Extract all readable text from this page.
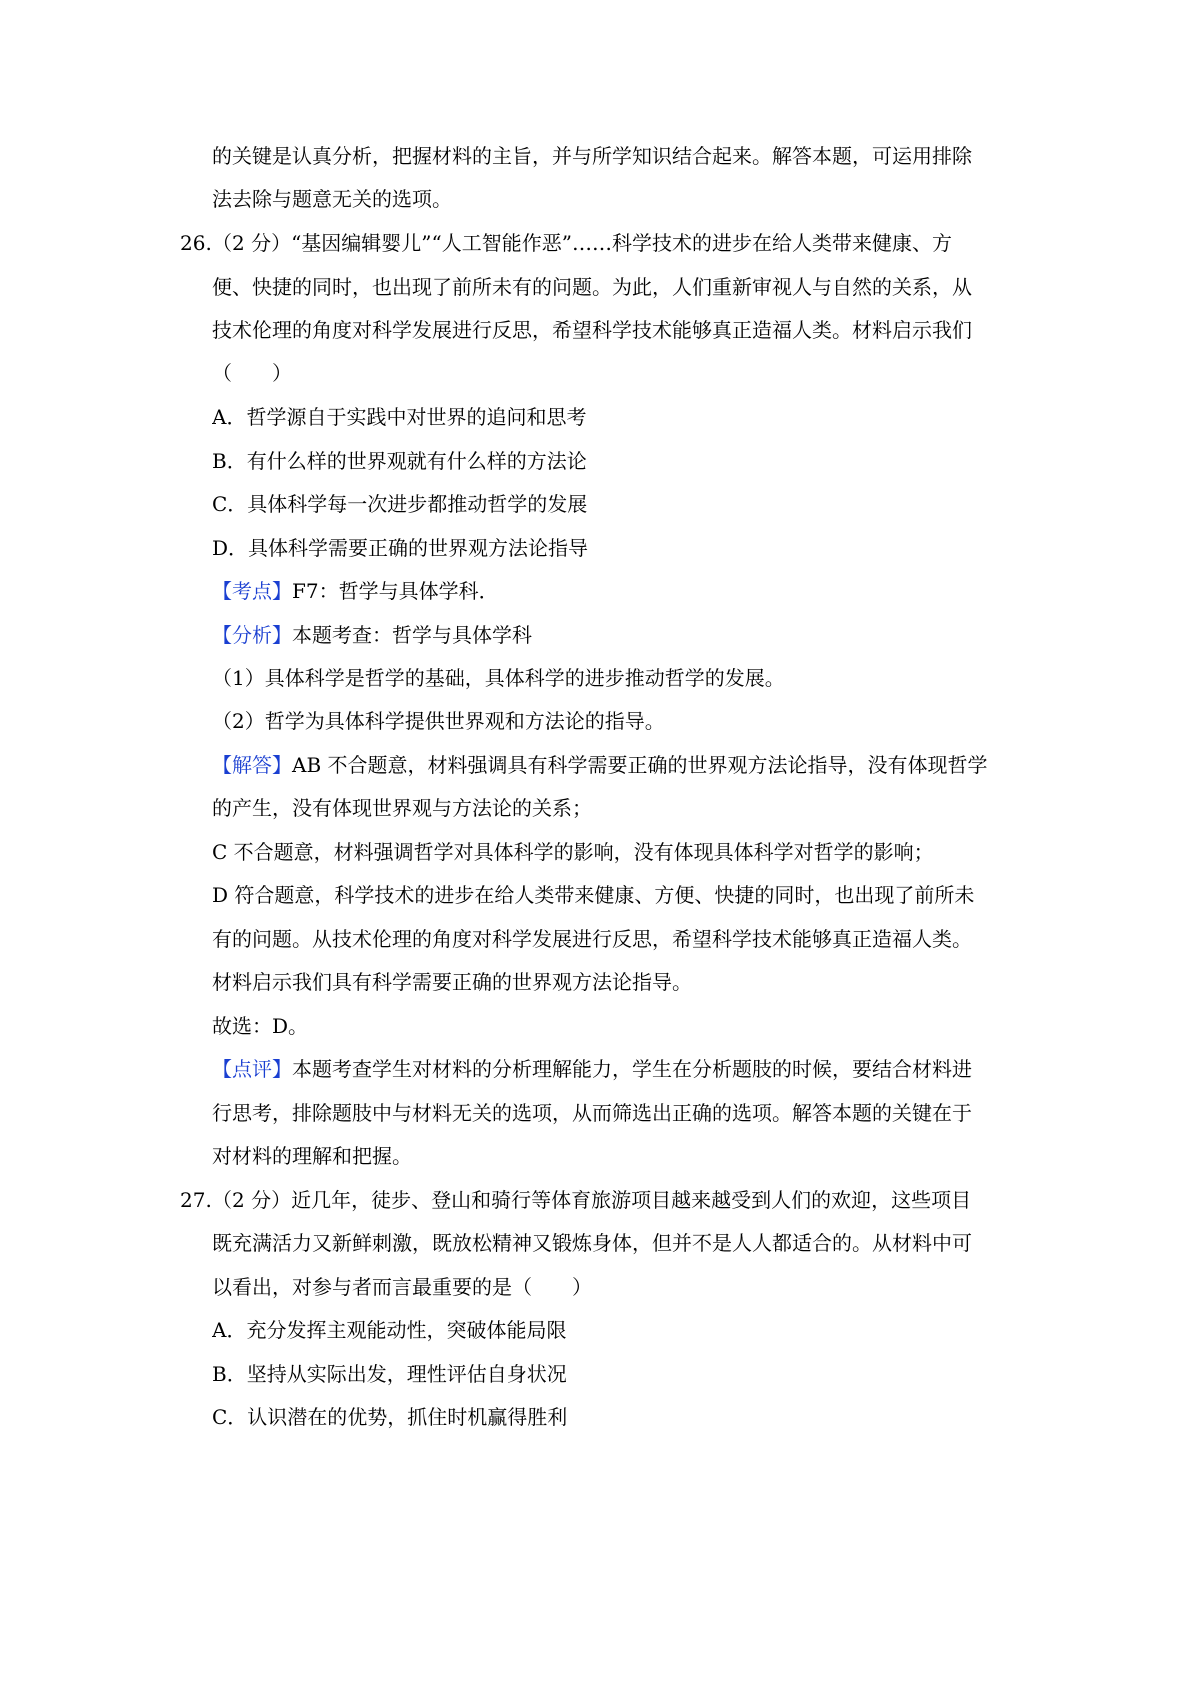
的关键是认真分析，把握材料的主旨，并与所学知识结合起来。解答本题，可运用排除
法去除与题意无关的选项。
26. （2 分）“基因编辑婴儿”“人工智能作恶”……科学技术的进步在给人类带来健康、方
便、快捷的同时，也出现了前所未有的问题。为此，人们重新审视人与自然的关系，从
技术伦理的角度对科学发展进行反思，希望科学技术能够真正造福人类。材料启示我们
（　　）
A．哲学源自于实践中对世界的追问和思考
B．有什么样的世界观就有什么样的方法论
C．具体科学每一次进步都推动哲学的发展
D．具体科学需要正确的世界观方法论指导
【考点】F7：哲学与具体学科．
【分析】本题考查：哲学与具体学科
（1）具体科学是哲学的基础，具体科学的进步推动哲学的发展。
（2）哲学为具体科学提供世界观和方法论的指导。
【解答】AB 不合题意，材料强调具有科学需要正确的世界观方法论指导，没有体现哲学
的产生，没有体现世界观与方法论的关系；
C 不合题意，材料强调哲学对具体科学的影响，没有体现具体科学对哲学的影响；
D 符合题意，科学技术的进步在给人类带来健康、方便、快捷的同时，也出现了前所未
有的问题。从技术伦理的角度对科学发展进行反思，希望科学技术能够真正造福人类。
材料启示我们具有科学需要正确的世界观方法论指导。
故选：D。
【点评】本题考查学生对材料的分析理解能力，学生在分析题肢的时候，要结合材料进
行思考，排除题肢中与材料无关的选项，从而筛选出正确的选项。解答本题的关键在于
对材料的理解和把握。
27. （2 分）近几年，徒步、登山和骑行等体育旅游项目越来越受到人们的欢迎，这些项目
既充满活力又新鲜刺激，既放松精神又锻炼身体，但并不是人人都适合的。从材料中可
以看出，对参与者而言最重要的是（　　）
A．充分发挥主观能动性，突破体能局限
B．坚持从实际出发，理性评估自身状况
C．认识潜在的优势，抓住时机赢得胜利
